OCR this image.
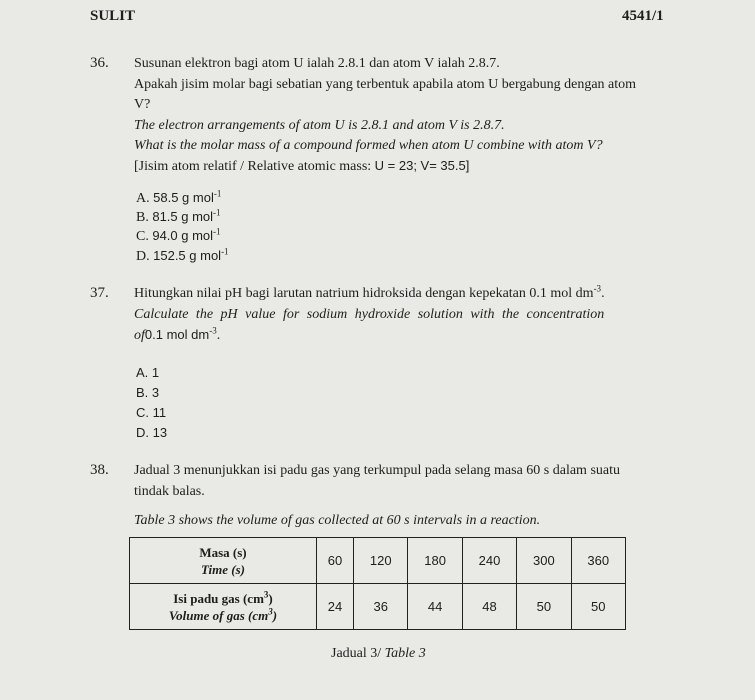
SULIT	4541/1
36. Susunan elektron bagi atom U ialah 2.8.1 dan atom V ialah 2.8.7.
Apakah jisim molar bagi sebatian yang terbentuk apabila atom U bergabung dengan atom
V?
The electron arrangements of atom U is 2.8.1 and atom V is 2.8.7.
What is the molar mass of a compound formed when atom U combine with atom V?
[Jisim atom relatif / Relative atomic mass: U = 23; V= 35.5]
A. 58.5 g mol$^{-1}$
B. 81.5 g mol$^{-1}$
C. 94.0 g mol$^{-1}$
D. 152.5 g mol$^{-1}$
37. Hitungkan nilai pH bagi larutan natrium hidroksida dengan kepekatan 0.1 mol $dm^{-3}$.
Calculate the pH value for sodium hydroxide solution with the concentration
of0.1 mol $dm^{-3}$.
A. 1
B. 3
C. 11
D. 13
38. Jadual 3 menunjukkan isi padu gas yang terkumpul pada selang masa 60 s dalam suatu
tindak balas.
Table 3 shows the volume of gas collected at 60 s intervals in a reaction.
Masa (s)
Time (s)	60	120	180	240	300	360

Isi padu gas $(cm^3)$
Volume of gas $(cm^3)$	24	36	44	48	50	50
Jadual 3/ Table 3
